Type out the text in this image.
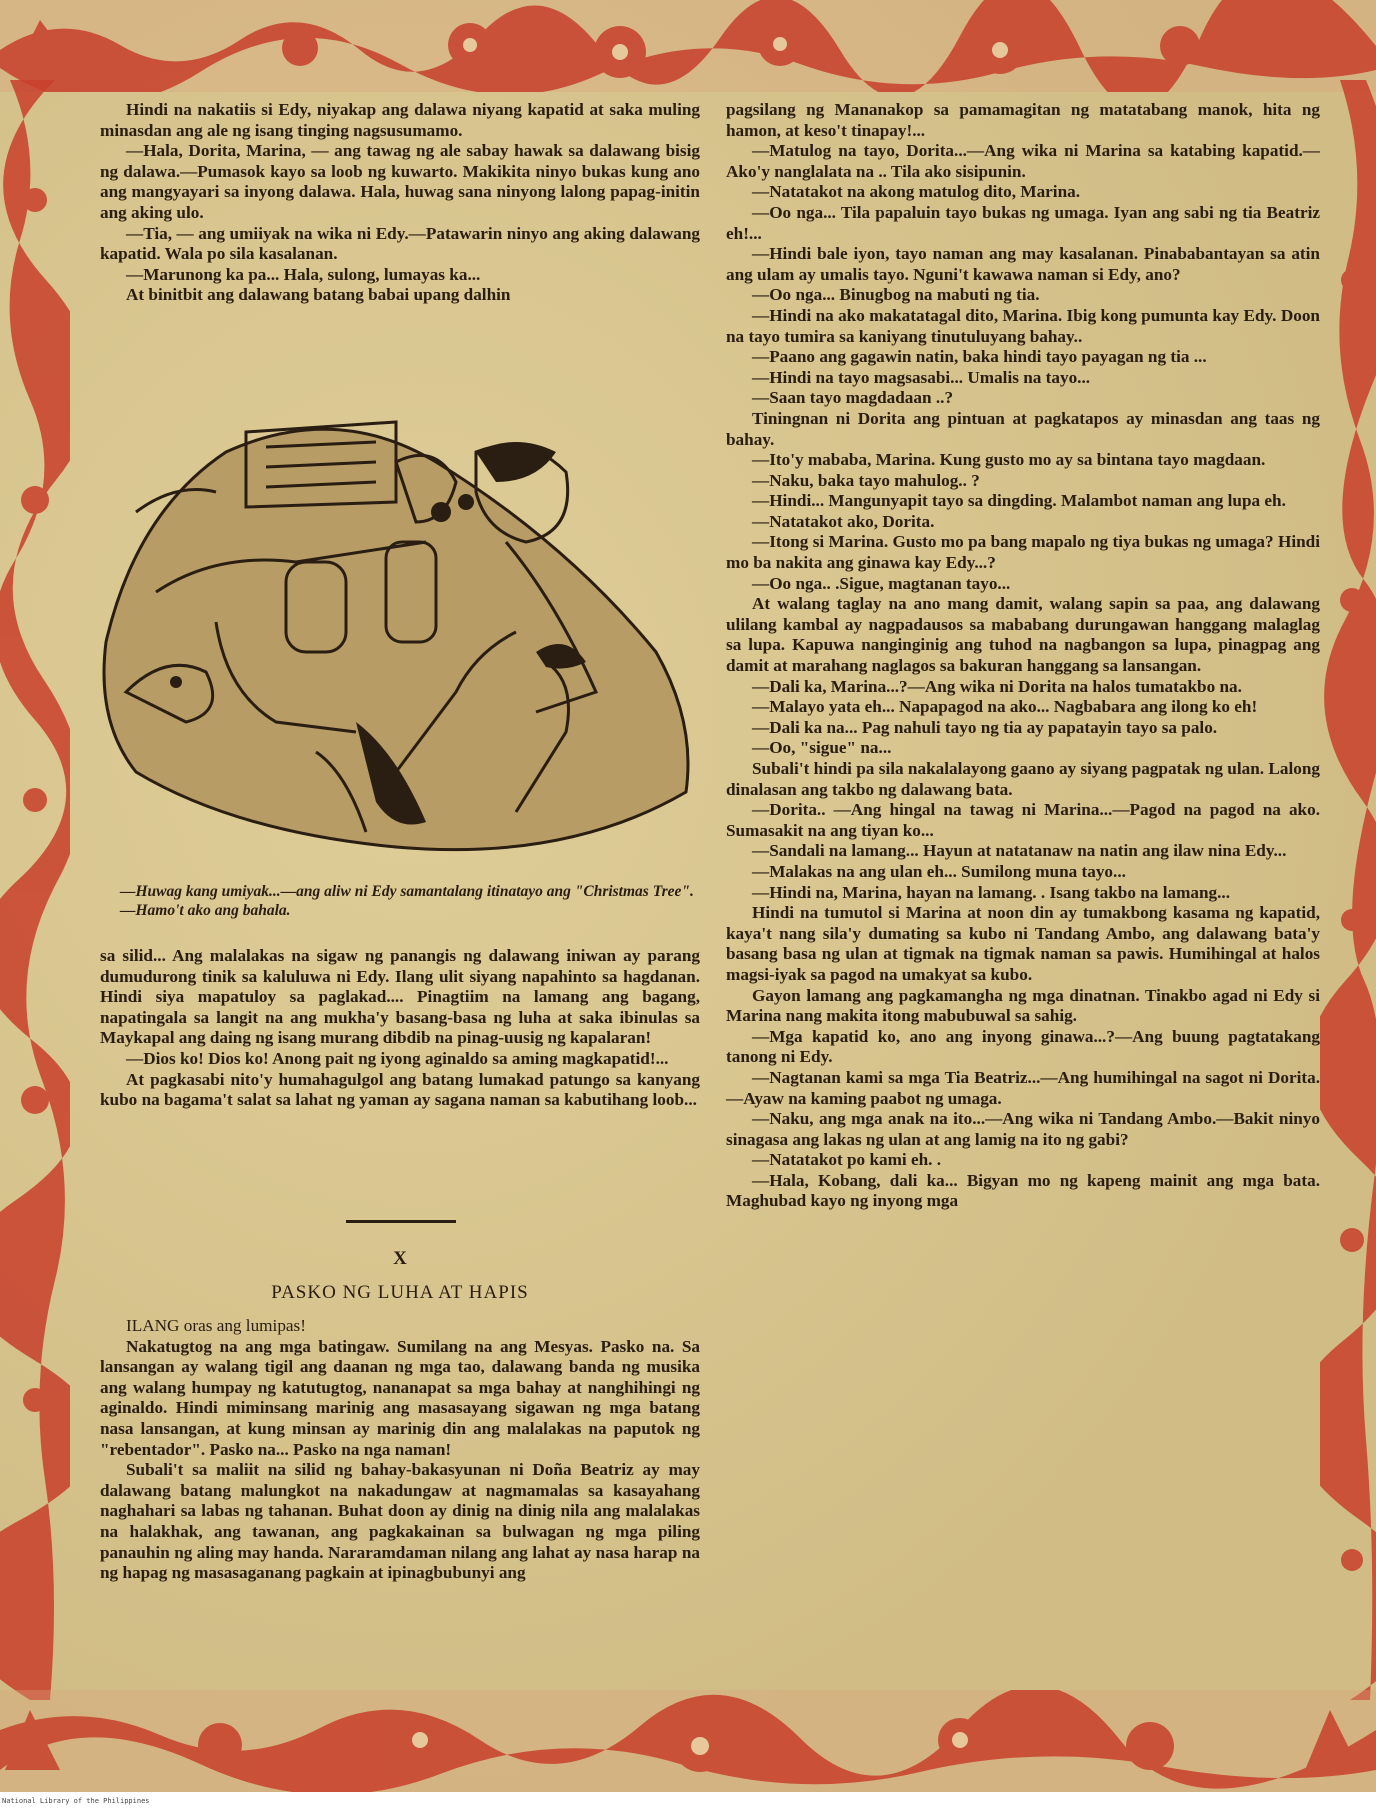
Hindi na nakatiis si Edy, niyakap ang dalawa niyang kapatid at saka muling minasdan ang ale ng isang tinging nagsusumamo.

—Hala, Dorita, Marina, — ang tawag ng ale sabay hawak sa dalawang bisig ng dalawa.—Pumasok kayo sa loob ng kuwarto. Makikita ninyo bukas kung ano ang mangyayari sa inyong dalawa. Hala, huwag sana ninyong lalong papag-initin ang aking ulo.

—Tia, — ang umiiyak na wika ni Edy.—Patawarin ninyo ang aking dalawang kapatid. Wala po sila kasalanan.

—Marunong ka pa... Hala, sulong, lumayas ka...

At binitbit ang dalawang batang babai upang dalhin

—Huwag kang umiyak...—ang aliw ni Edy samantalang itinatayo ang "Christmas Tree".—Hamo't ako ang bahala.

sa silid... Ang malalakas na sigaw ng panangis ng dalawang iniwan ay parang dumudurong tinik sa kaluluwa ni Edy. Ilang ulit siyang napahinto sa hagdanan. Hindi siya mapatuloy sa paglakad.... Pinagtiim na lamang ang bagang, napatingala sa langit na ang mukha'y basang-basa ng luha at saka ibinulas sa Maykapal ang daing ng isang murang dibdib na pinag-uusig ng kapalaran!

—Dios ko! Dios ko! Anong pait ng iyong aginaldo sa aming magkapatid!...

At pagkasabi nito'y humahagulgol ang batang lumakad patungo sa kanyang kubo na bagama't salat sa lahat ng yaman ay sagana naman sa kabutihang loob...

X
PASKO NG LUHA AT HAPIS

ILANG oras ang lumipas!

Nakatugtog na ang mga batingaw. Sumilang na ang Mesyas. Pasko na. Sa lansangan ay walang tigil ang daanan ng mga tao, dalawang banda ng musika ang walang humpay ng katutugtog, nananapat sa mga bahay at nanghihingi ng aginaldo. Hindi miminsang marinig ang masasayang sigawan ng mga batang nasa lansangan, at kung minsan ay marinig din ang malalakas na paputok ng "rebentador". Pasko na... Pasko na nga naman!

Subali't sa maliit na silid ng bahay-bakasyunan ni Doña Beatriz ay may dalawang batang malungkot na nakadungaw at nagmamalas sa kasayahang naghahari sa labas ng tahanan. Buhat doon ay dinig na dinig nila ang malalakas na halakhak, ang tawanan, ang pagkakainan sa bulwagan ng mga piling panauhin ng aling may handa. Nararamdaman nilang ang lahat ay nasa harap na ng hapag ng masasaganang pagkain at ipinagbubunyi ang

pagsilang ng Mananakop sa pamamagitan ng matatabang manok, hita ng hamon, at keso't tinapay!...

—Matulog na tayo, Dorita...—Ang wika ni Marina sa katabing kapatid.—Ako'y nanglalata na .. Tila ako sisipunin.

—Natatakot na akong matulog dito, Marina.

—Oo nga... Tila papaluin tayo bukas ng umaga. Iyan ang sabi ng tia Beatriz eh!...

—Hindi bale iyon, tayo naman ang may kasalanan. Pinababantayan sa atin ang ulam ay umalis tayo. Nguni't kawawa naman si Edy, ano?

—Oo nga... Binugbog na mabuti ng tia.

—Hindi na ako makatatagal dito, Marina. Ibig kong pumunta kay Edy. Doon na tayo tumira sa kaniyang tinutuluyang bahay..

—Paano ang gagawin natin, baka hindi tayo payagan ng tia ...

—Hindi na tayo magsasabi... Umalis na tayo...

—Saan tayo magdadaan ..?

Tiningnan ni Dorita ang pintuan at pagkatapos ay minasdan ang taas ng bahay.

—Ito'y mababa, Marina. Kung gusto mo ay sa bintana tayo magdaan.

—Naku, baka tayo mahulog.. ?

—Hindi... Mangunyapit tayo sa dingding. Malambot naman ang lupa eh.

—Natatakot ako, Dorita.

—Itong si Marina. Gusto mo pa bang mapalo ng tiya bukas ng umaga? Hindi mo ba nakita ang ginawa kay Edy...?

—Oo nga.. .Sigue, magtanan tayo...

At walang taglay na ano mang damit, walang sapin sa paa, ang dalawang ulilang kambal ay nagpadausos sa mababang durungawan hanggang malaglag sa lupa. Kapuwa nanginginig ang tuhod na nagbangon sa lupa, pinagpag ang damit at marahang naglagos sa bakuran hanggang sa lansangan.

—Dali ka, Marina...?—Ang wika ni Dorita na halos tumatakbo na.

—Malayo yata eh... Napapagod na ako... Nagbabara ang ilong ko eh!

—Dali ka na... Pag nahuli tayo ng tia ay papatayin tayo sa palo.

—Oo, "sigue" na...

Subali't hindi pa sila nakalalayong gaano ay siyang pagpatak ng ulan. Lalong dinalasan ang takbo ng dalawang bata.

—Dorita.. —Ang hingal na tawag ni Marina...—Pagod na pagod na ako. Sumasakit na ang tiyan ko...

—Sandali na lamang... Hayun at natatanaw na natin ang ilaw nina Edy...

—Malakas na ang ulan eh... Sumilong muna tayo...

—Hindi na, Marina, hayan na lamang. . Isang takbo na lamang...

Hindi na tumutol si Marina at noon din ay tumakbong kasama ng kapatid, kaya't nang sila'y dumating sa kubo ni Tandang Ambo, ang dalawang bata'y basang basa ng ulan at tigmak na tigmak naman sa pawis. Humihingal at halos magsi-iyak sa pagod na umakyat sa kubo.

Gayon lamang ang pagkamangha ng mga dinatnan. Tinakbo agad ni Edy si Marina nang makita itong mabubuwal sa sahig.

—Mga kapatid ko, ano ang inyong ginawa...?—Ang buung pagtatakang tanong ni Edy.

—Nagtanan kami sa mga Tia Beatriz...—Ang humihingal na sagot ni Dorita.—Ayaw na kaming paabot ng umaga.

—Naku, ang mga anak na ito...—Ang wika ni Tandang Ambo.—Bakit ninyo sinagasa ang lakas ng ulan at ang lamig na ito ng gabi?

—Natatakot po kami eh. .

—Hala, Kobang, dali ka... Bigyan mo ng kapeng mainit ang mga bata. Maghubad kayo ng inyong mga

National Library of the Philippines
